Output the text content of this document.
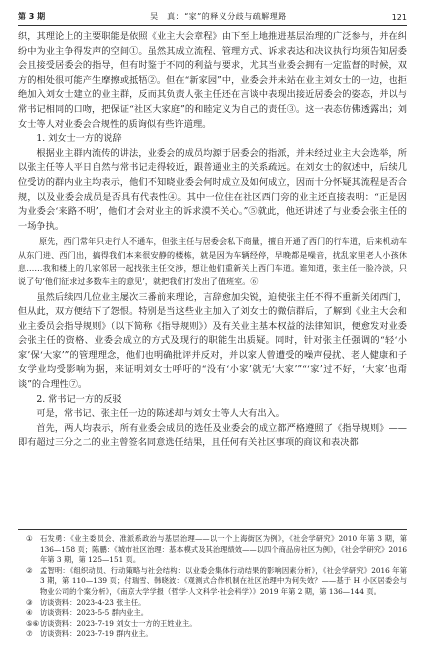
第 3 期	吴　真：“家”的释义分歧与疏解理路	121

织，其理论上的主要职能是依照《业主大会章程》由下至上地推进基层治理的广泛参与，并在纠纷中为业主争得发声的空间①。虽然其成立流程、管理方式、诉求表达和决议执行均须告知居委会且接受居委会的指导，但有时鉴于不同的利益与要求，尤其当业委会拥有一定监督的时候，双方的相处很可能产生摩擦或抵牾②。但在“新家园”中，业委会并未站在业主刘女士的一边，也拒绝加入刘女士建立的业主群，反而其负责人张主任还在言谈中表现出接近居委会的姿态，并以与常书记相同的口吻，把保证“社区大家庭”的和睦定义为自己的责任③。这一表态仿佛透露出；刘女士等人对业委会合规性的质询似有些许道理。

1. 刘女士一方的说辞

根据业主群内流传的讲法，业委会的成员均源于居委会的指派，并未经过业主大会选举，所以张主任等人平日自然与常书记走得较近，跟普通业主的关系疏远。在刘女士的叙述中，后续几位受访的群内业主均表示，他们不知晓业委会何时成立及如何成立，因而十分怀疑其流程是否合规，以及业委会成员是否具有代表性④。其中一位住在社区西门旁的业主还直接表明：“正是因为业委会‘来路不明’，他们才会对业主的诉求漠不关心。”⑤就此，他还讲述了与业委会张主任的一场争执。

原先，西门常年只走行人不通车，但张主任与居委会私下商量，擅自开通了西门的行车道，后来机动车从东门进、西门出，搞得我们本来很安静的楼栋，就是因为车辆经停，早晚都是噪音，扰乱家里老人小孩休息……我和楼上的几家邻居一起找张主任交涉，想让他们重新关上西门车道。谁知道，张主任一脸冷淡，只说了句‘他们征求过多数车主的意见’，就把我们打发出了值班室。⑥

虽然后续四几位业主屡次三番前来理论，言辞愈加尖锐，迫使张主任不得不重新关闭西门，但从此，双方便结下了怨恨。特别是当这些业主加入了刘女士的微信群后，了解到《业主大会和业主委员会指导规则》（以下简称《指导规则》）及有关业主基本权益的法律知识，便愈发对业委会张主任的资格、业委会成立的方式及现行的职能生出质疑。同时，针对张主任强调的“轻‘小家’保‘大家’”的管理理念，他们也明确批评并反对，并以家人曾遭受的噪声侵扰、老人健康和子女学业均受影响为据，来证明刘女士呼吁的“没有‘小家’就无‘大家’”“‘家’过不好，‘大家’也甭谈”的合理性⑦。

2. 常书记一方的反驳

可是，常书记、张主任一边的陈述却与刘女士等人大有出入。

首先，两人均表示，所有业委会成员的选任及业委会的成立都严格遵照了《指导规则》——即有超过三分之二的业主曾签名同意选任结果，且任何有关社区事项的商议和表决都

①	石发勇：《业主委员会、准派系政治与基层治理——以一个上海街区为例》，《社会学研究》2010 年第 3 期，第 136—158 页；陈鹏：《城市社区治理：基本模式及其治理绩效——以四个商品房社区为例》，《社会学研究》2016 年第 3 期，第 125—151 页。
②	孟智明：《组织动员、行动策略与社会结构：以业委会集体行动结果的影响因素分析》，《社会学研究》2016 年第 3 期，第 110—139 页；付瑞雪、韩晓波：《观测式合作机制在社区治理中为何失效？——基于 H 小区居委会与物业公司的个案分析》，《南京大学学报（哲学·人文科学·社会科学）》2019 年第 2 期，第 136—144 页。
③	访谈资料：2023-4-23 张主任。
④	访谈资料：2023-5-5 群内业主。
⑤⑥ 访谈资料：2023-7-19 刘女士一方的王姓业主。
⑦	访谈资料：2023-7-19 群内业主。
